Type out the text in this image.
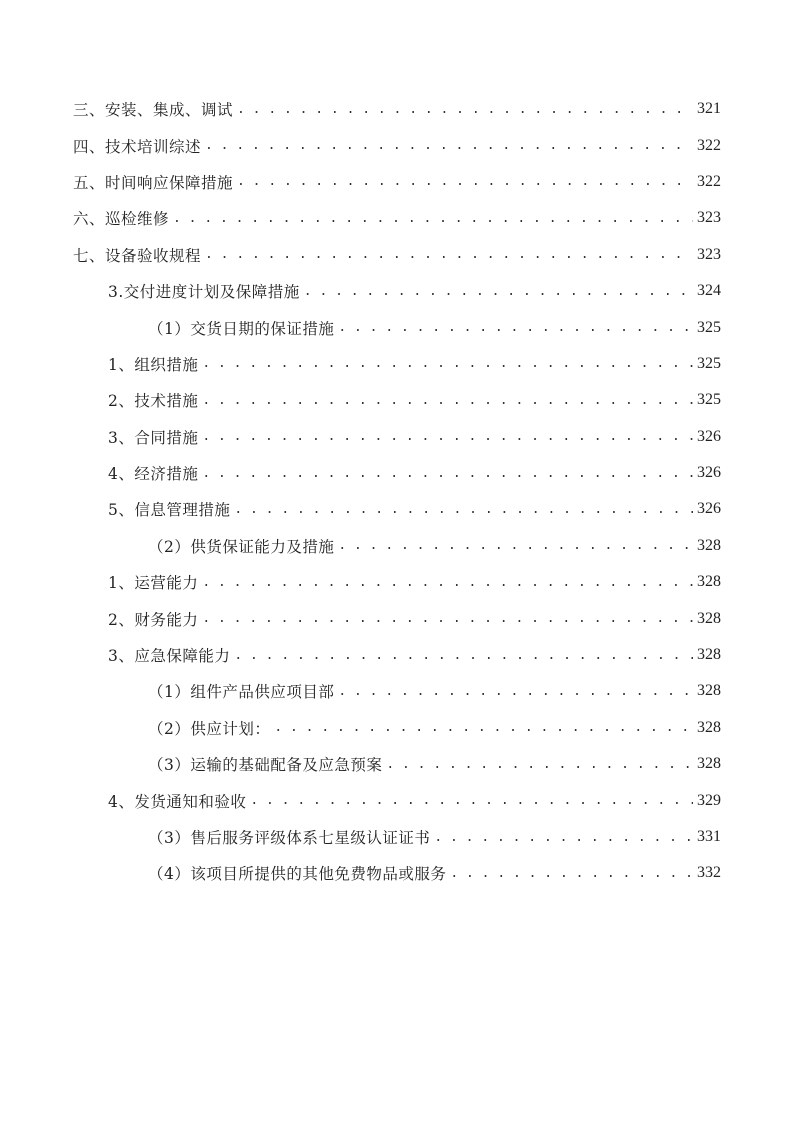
三、安装、集成、调试 . . .	321
四、技术培训综述 . . .	322
五、时间响应保障措施 . . .	322
六、巡检维修 . . .	323
七、设备验收规程 . . .	323
3.交付进度计划及保障措施 . . .	324
（1）交货日期的保证措施 . . .	325
1、组织措施 . . .	325
2、技术措施 . . .	325
3、合同措施 . . .	326
4、经济措施 . . .	326
5、信息管理措施 . . .	326
（2）供货保证能力及措施 . . .	328
1、运营能力 . . .	328
2、财务能力 . . .	328
3、应急保障能力 . . .	328
（1）组件产品供应项目部 . . .	328
（2）供应计划： . . .	328
（3）运输的基础配备及应急预案 . . .	328
4、发货通知和验收 . . .	329
（3）售后服务评级体系七星级认证证书 . . .	331
（4）该项目所提供的其他免费物品或服务 . . .	332
